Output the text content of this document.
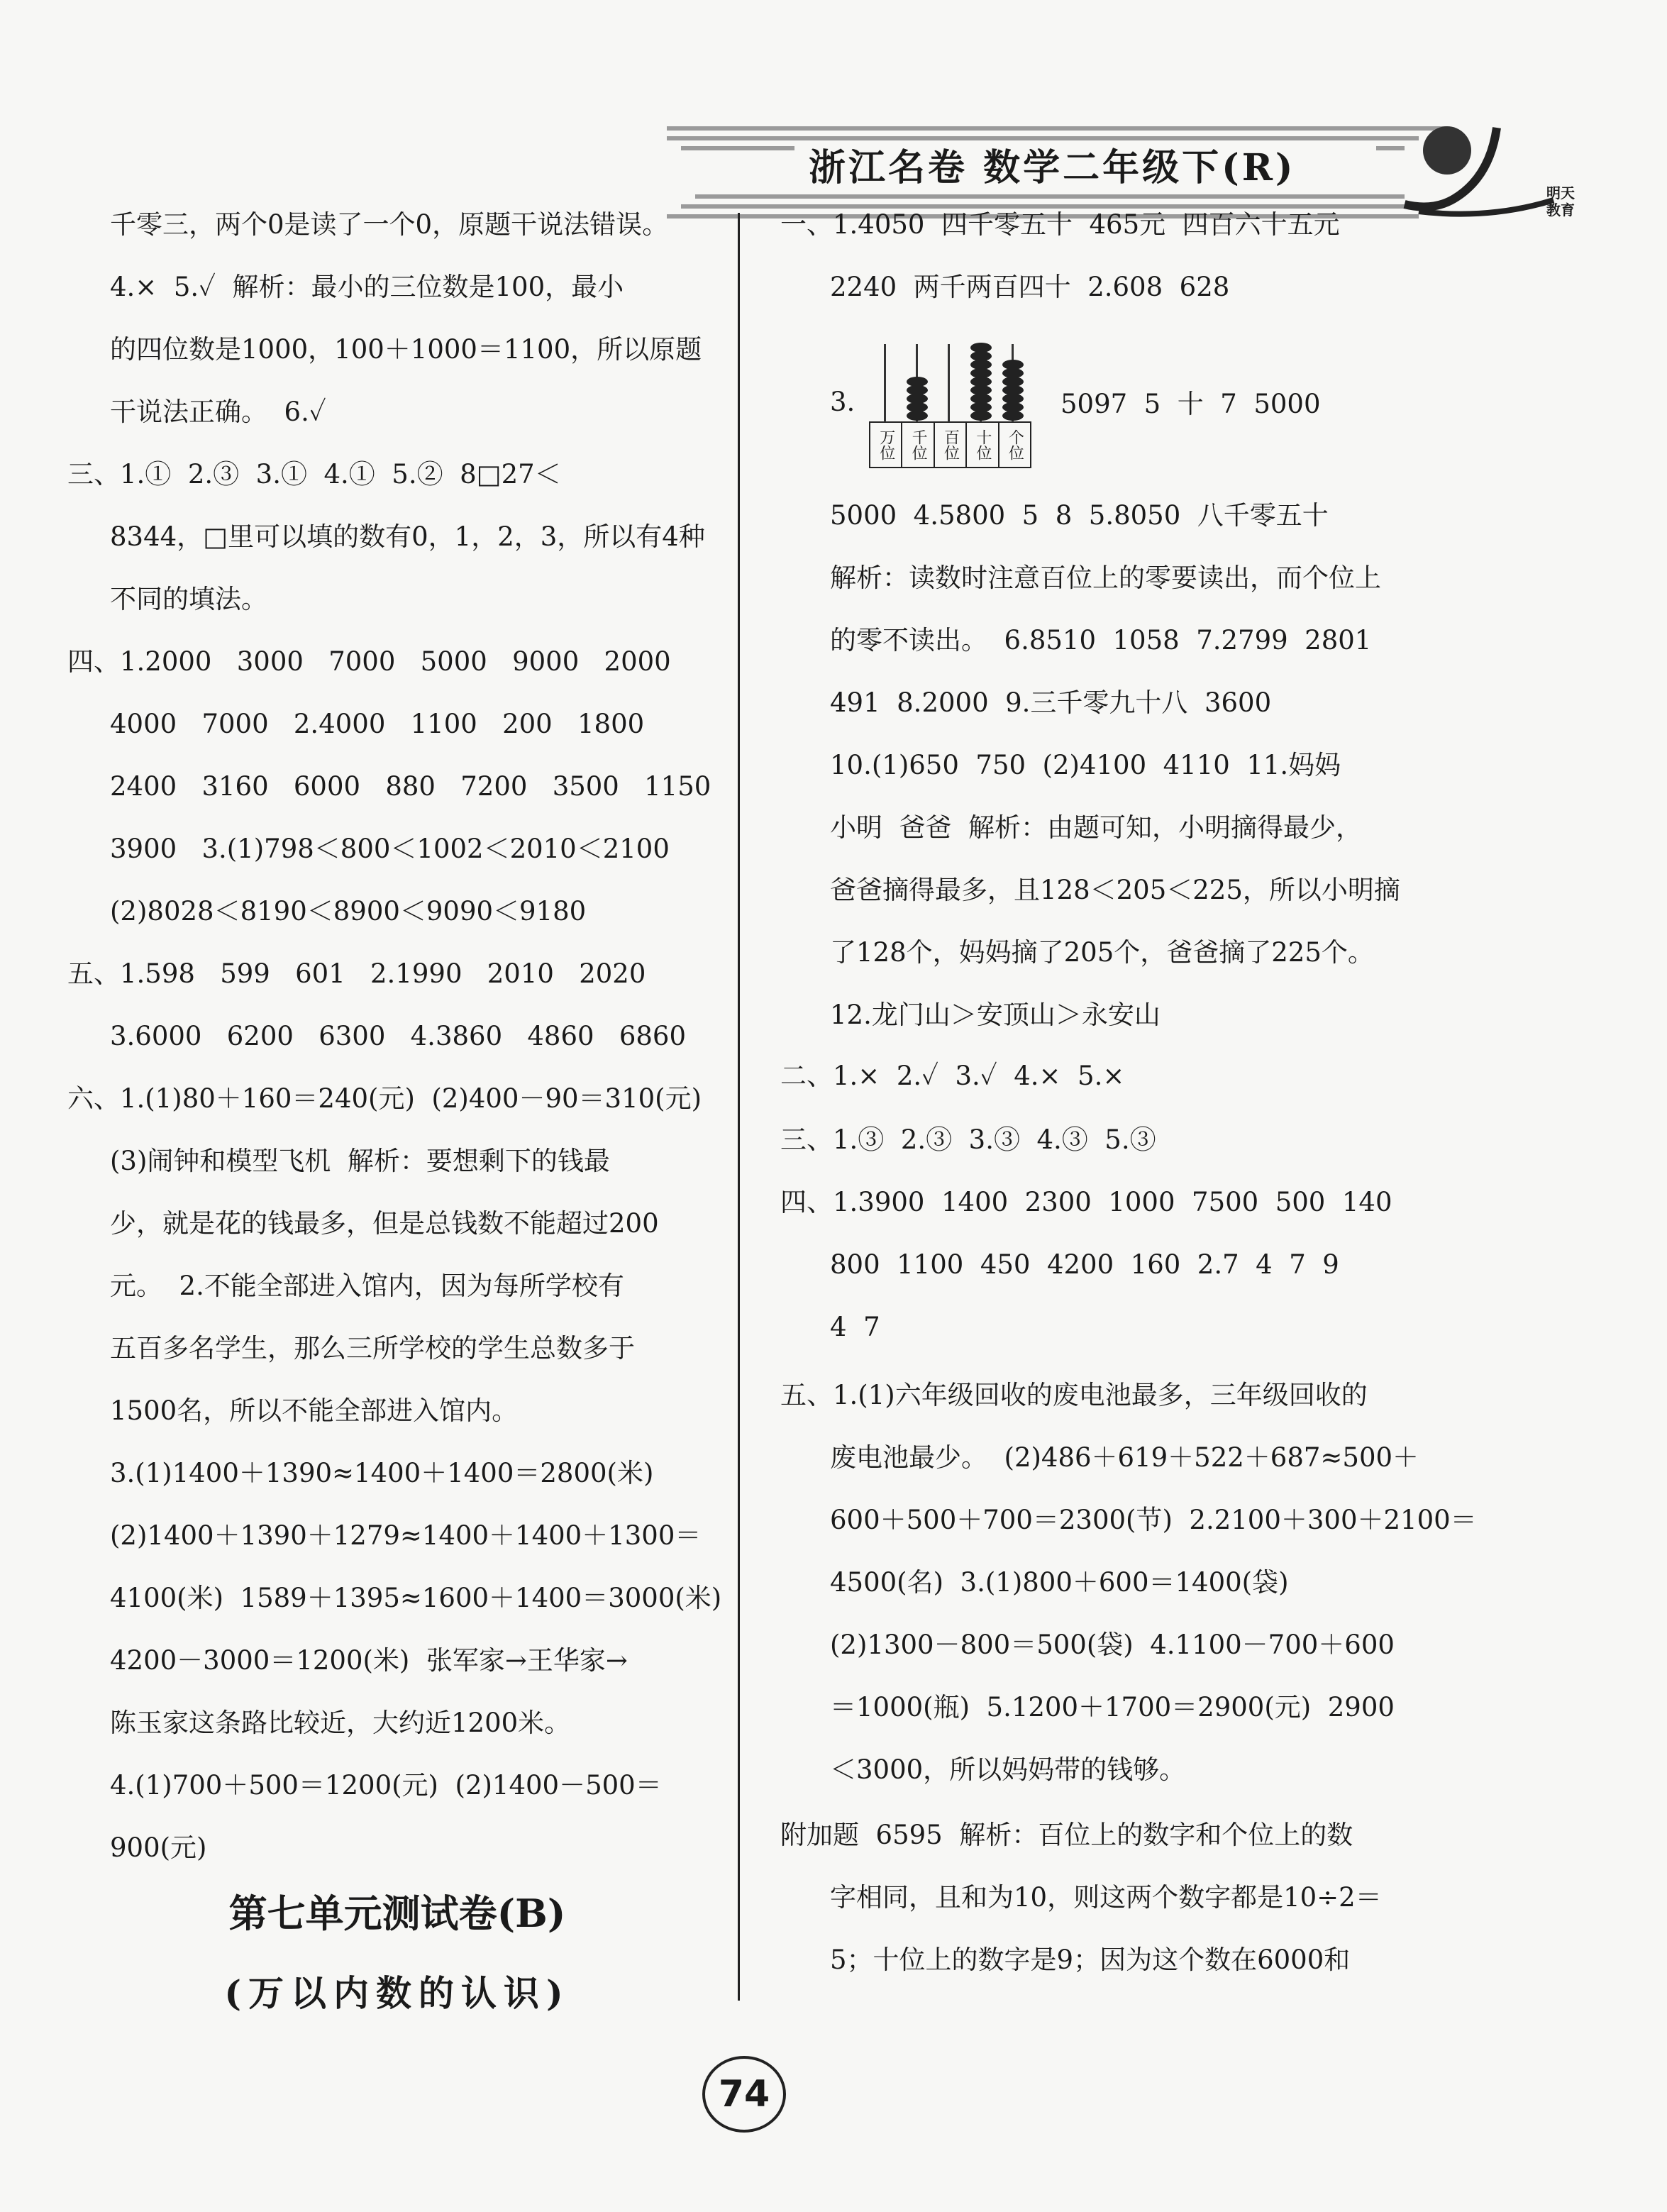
浙江名卷 数学二年级下(R)
明天教育
千零三，两个0是读了一个0，原题干说法错误。
4.×  5.✓  解析：最小的三位数是100，最小
的四位数是1000，100＋1000＝1100，所以原题
干说法正确。  6.✓
三、1.①  2.③  3.①  4.①  5.②  8□27＜
8344，□里可以填的数有0，1，2，3，所以有4种
不同的填法。
四、1.2000   3000   7000   5000   9000   2000
4000   7000   2.4000   1100   200   1800
2400   3160   6000   880   7200   3500   1150
3900   3.(1)798＜800＜1002＜2010＜2100
(2)8028＜8190＜8900＜9090＜9180
五、1.598   599   601   2.1990   2010   2020
3.6000   6200   6300   4.3860   4860   6860
六、1.(1)80＋160＝240(元)  (2)400－90＝310(元)
(3)闹钟和模型飞机  解析：要想剩下的钱最
少，就是花的钱最多，但是总钱数不能超过200
元。  2.不能全部进入馆内，因为每所学校有
五百多名学生，那么三所学校的学生总数多于
1500名，所以不能全部进入馆内。
3.(1)1400＋1390≈1400＋1400＝2800(米)
(2)1400＋1390＋1279≈1400＋1400＋1300＝
4100(米)  1589＋1395≈1600＋1400＝3000(米)
4200－3000＝1200(米)  张军家→王华家→
陈玉家这条路比较近，大约近1200米。
4.(1)700＋500＝1200(元)  (2)1400－500＝
900(元)
第七单元测试卷(B)
(万以内数的认识)
一、1.4050  四千零五十  465元  四百六十五元
2240  两千两百四十  2.608  628
3.
5000  4.5800  5  8  5.8050  八千零五十
解析：读数时注意百位上的零要读出，而个位上
的零不读出。  6.8510  1058  7.2799  2801
491  8.2000  9.三千零九十八  3600
10.(1)650  750  (2)4100  4110  11.妈妈
小明  爸爸  解析：由题可知，小明摘得最少，
爸爸摘得最多，且128＜205＜225，所以小明摘
了128个，妈妈摘了205个，爸爸摘了225个。
12.龙门山＞安顶山＞永安山
二、1.×  2.✓  3.✓  4.×  5.×
三、1.③  2.③  3.③  4.③  5.③
四、1.3900  1400  2300  1000  7500  500  140
800  1100  450  4200  160  2.7  4  7  9
4  7
五、1.(1)六年级回收的废电池最多，三年级回收的
废电池最少。  (2)486＋619＋522＋687≈500＋
600＋500＋700＝2300(节)  2.2100＋300＋2100＝
4500(名)  3.(1)800＋600＝1400(袋)
(2)1300－800＝500(袋)  4.1100－700＋600
＝1000(瓶)  5.1200＋1700＝2900(元)  2900
＜3000，所以妈妈带的钱够。
附加题  6595  解析：百位上的数字和个位上的数
字相同，且和为10，则这两个数字都是10÷2＝
5；十位上的数字是9；因为这个数在6000和
万位 千位 百位 十位 个位
5097  5  十  7  5000
74
